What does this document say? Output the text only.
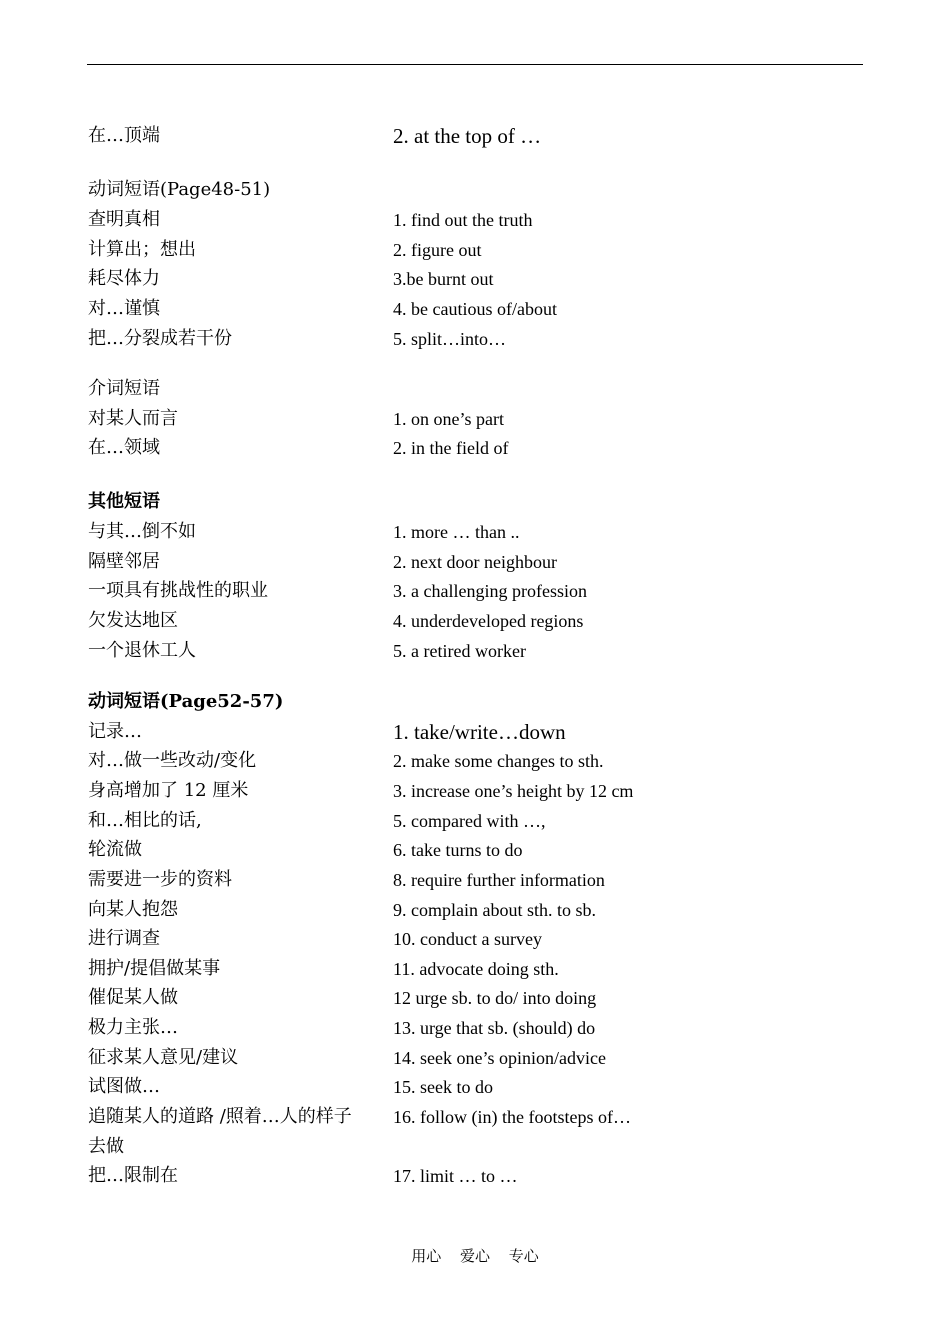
在…顶端	2. at the top of …
动词短语(Page48-51)
查明真相	1. find out the truth
计算出；想出	2. figure out
耗尽体力	3.be burnt out
对…谨慎	4. be cautious of/about
把…分裂成若干份	5. split…into…
介词短语
对某人而言	1. on one’s part
在…领域	2. in the field of
其他短语
与其…倒不如	1. more … than ..
隔壁邻居	2. next door neighbour
一项具有挑战性的职业	3. a challenging profession
欠发达地区	4. underdeveloped regions
一个退休工人	5. a retired worker
动词短语(Page52-57)
记录…	1. take/write…down
对…做一些改动/变化	2. make some changes to sth.
身高增加了 12 厘米	3. increase one’s height by 12 cm
和…相比的话,	5. compared with …,
轮流做	6. take turns to do
需要进一步的资料	8. require further information
向某人抱怨	9. complain about sth. to sb.
进行调查	10. conduct a survey
拥护/提倡做某事	11. advocate doing sth.
催促某人做	12 urge sb. to do/ into doing
极力主张…	13. urge that sb. (should) do
征求某人意见/建议	14. seek one’s opinion/advice
试图做…	15. seek to do
追随某人的道路 /照着…人的样子	16. follow (in) the footsteps of…
去做
把…限制在	17. limit … to …
用心 爱心 专心
